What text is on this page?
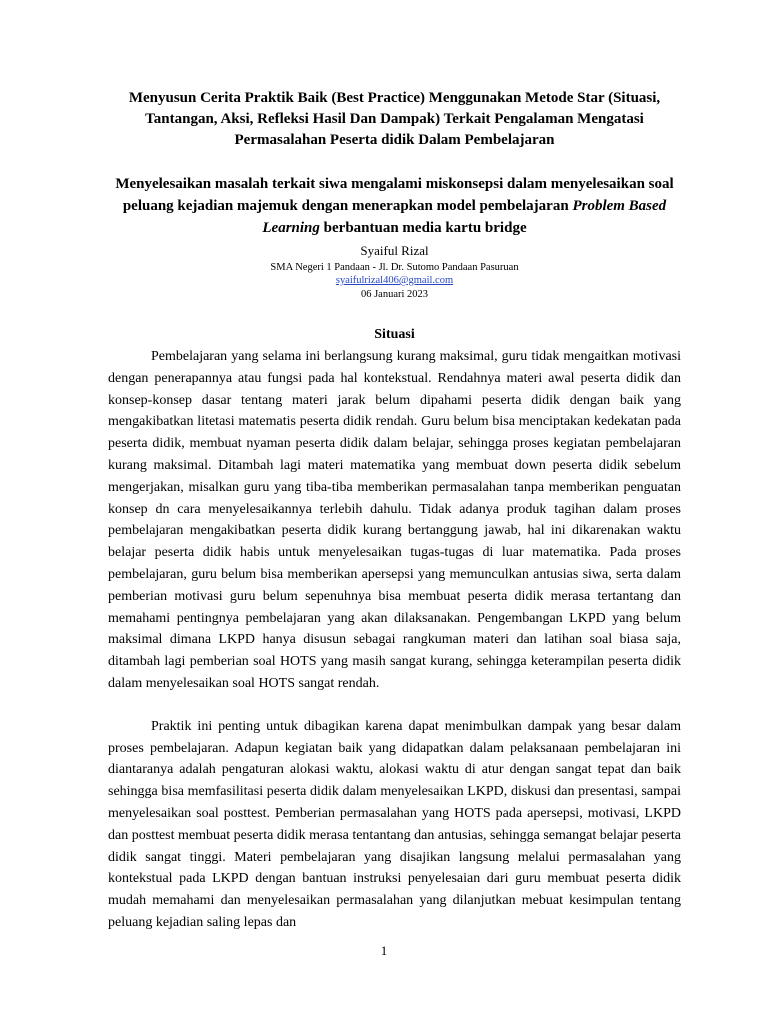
Menyusun Cerita Praktik Baik (Best Practice) Menggunakan Metode Star (Situasi, Tantangan, Aksi, Refleksi Hasil Dan Dampak) Terkait Pengalaman Mengatasi Permasalahan Peserta didik Dalam Pembelajaran
Menyelesaikan masalah terkait siwa mengalami miskonsepsi dalam menyelesaikan soal peluang kejadian majemuk dengan menerapkan model pembelajaran Problem Based Learning berbantuan media kartu bridge
Syaiful Rizal
SMA Negeri 1 Pandaan - Jl. Dr. Sutomo Pandaan Pasuruan
syaifulrizal406@gmail.com
06 Januari 2023
Situasi

Pembelajaran yang selama ini berlangsung kurang maksimal, guru tidak mengaitkan motivasi dengan penerapannya atau fungsi pada hal kontekstual. Rendahnya materi awal peserta didik dan konsep-konsep dasar tentang materi jarak belum dipahami peserta didik dengan baik yang mengakibatkan litetasi matematis peserta didik rendah. Guru belum bisa menciptakan kedekatan pada peserta didik, membuat nyaman peserta didik dalam belajar, sehingga proses kegiatan pembelajaran kurang maksimal. Ditambah lagi materi matematika yang membuat down peserta didik sebelum mengerjakan, misalkan guru yang tiba-tiba memberikan permasalahan tanpa memberikan penguatan konsep dn cara menyelesaikannya terlebih dahulu. Tidak adanya produk tagihan dalam proses pembelajaran mengakibatkan peserta didik kurang bertanggung jawab, hal ini dikarenakan waktu belajar peserta didik habis untuk menyelesaikan tugas-tugas di luar matematika. Pada proses pembelajaran, guru belum bisa memberikan apersepsi yang memunculkan antusias siwa, serta dalam pemberian motivasi guru belum sepenuhnya bisa membuat peserta didik merasa tertantang dan memahami pentingnya pembelajaran yang akan dilaksanakan. Pengembangan LKPD yang belum maksimal dimana LKPD hanya disusun sebagai rangkuman materi dan latihan soal biasa saja, ditambah lagi pemberian soal HOTS yang masih sangat kurang, sehingga keterampilan peserta didik dalam menyelesaikan soal HOTS sangat rendah.

Praktik ini penting untuk dibagikan karena dapat menimbulkan dampak yang besar dalam proses pembelajaran. Adapun kegiatan baik yang didapatkan dalam pelaksanaan pembelajaran ini diantaranya adalah pengaturan alokasi waktu, alokasi waktu di atur dengan sangat tepat dan baik sehingga bisa memfasilitasi peserta didik dalam menyelesaikan LKPD, diskusi dan presentasi, sampai menyelesaikan soal posttest. Pemberian permasalahan yang HOTS pada apersepsi, motivasi, LKPD dan posttest membuat peserta didik merasa tentantang dan antusias, sehingga semangat belajar peserta didik sangat tinggi. Materi pembelajaran yang disajikan langsung melalui permasalahan yang kontekstual pada LKPD dengan bantuan instruksi penyelesaian dari guru membuat peserta didik mudah memahami dan menyelesaikan permasalahan yang dilanjutkan mebuat kesimpulan tentang peluang kejadian saling lepas dan

1
